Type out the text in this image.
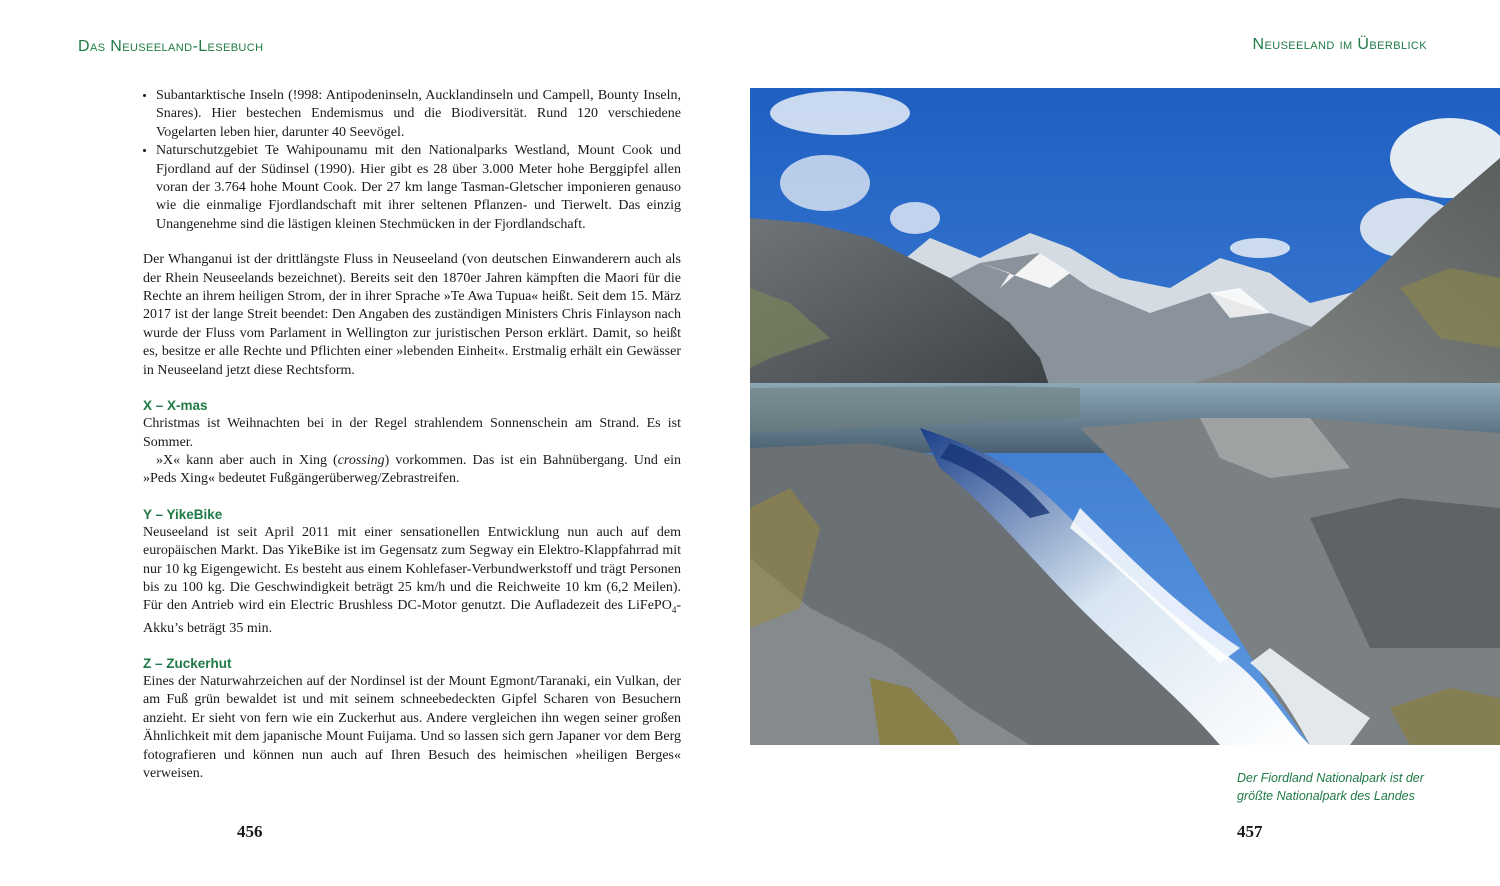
Das Neuseeland-Lesebuch	Neuseeland im Überblick
• Subantarktische Inseln (!998: Antipodeninseln, Aucklandinseln und Campell, Bounty Inseln, Snares). Hier bestechen Endemismus und die Biodiversität. Rund 120 verschiedene Vogelarten leben hier, darunter 40 Seevögel.
• Naturschutzgebiet Te Wahipounamu mit den Nationalparks Westland, Mount Cook und Fjordland auf der Südinsel (1990). Hier gibt es 28 über 3.000 Meter hohe Berggipfel allen voran der 3.764 hohe Mount Cook. Der 27 km lange Tasman-Gletscher imponieren genauso wie die einmalige Fjordlandschaft mit ihrer seltenen Pflanzen- und Tierwelt. Das einzig Unangenehme sind die lästigen kleinen Stechmücken in der Fjordlandschaft.

Der Whanganui ist der drittlängste Fluss in Neuseeland (von deutschen Einwanderern auch als der Rhein Neuseelands bezeichnet). Bereits seit den 1870er Jahren kämpften die Maori für die Rechte an ihrem heiligen Strom, der in ihrer Sprache »Te Awa Tupua« heißt. Seit dem 15. März 2017 ist der lange Streit beendet: Den Angaben des zuständigen Ministers Chris Finlayson nach wurde der Fluss vom Parlament in Wellington zur juristischen Person erklärt. Damit, so heißt es, besitze er alle Rechte und Pflichten einer »lebenden Einheit«. Erstmalig erhält ein Gewässer in Neuseeland jetzt diese Rechtsform.

X – X-mas

Christmas ist Weihnachten bei in der Regel strahlendem Sonnenschein am Strand. Es ist Sommer.

»X« kann aber auch in Xing (crossing) vorkommen. Das ist ein Bahnübergang. Und ein »Peds Xing« bedeutet Fußgängerüberweg/Zebrastreifen.

Y – YikeBike

Neuseeland ist seit April 2011 mit einer sensationellen Entwicklung nun auch auf dem europäischen Markt. Das YikeBike ist im Gegensatz zum Segway ein Elektro-Klappfahrrad mit nur 10 kg Eigengewicht. Es besteht aus einem Kohlefaser-Verbundwerkstoff und trägt Personen bis zu 100 kg. Die Geschwindigkeit beträgt 25 km/h und die Reichweite 10 km (6,2 Meilen). Für den Antrieb wird ein Electric Brushless DC-Motor genutzt. Die Aufladezeit des LiFePO$_4$-Akku’s beträgt 35 min.

Z – Zuckerhut

Eines der Naturwahrzeichen auf der Nordinsel ist der Mount Egmont/Taranaki, ein Vulkan, der am Fuß grün bewaldet ist und mit seinem schneebedeckten Gipfel Scharen von Besuchern anzieht. Er sieht von fern wie ein Zuckerhut aus. Andere vergleichen ihn wegen seiner großen Ähnlichkeit mit dem japanische Mount Fuijama. Und so lassen sich gern Japaner vor dem Berg fotografieren und können nun auch auf Ihren Besuch des heimischen »heiligen Berges« verweisen.

456
Der Fiordland Nationalpark ist der größte Nationalpark des Landes
457
